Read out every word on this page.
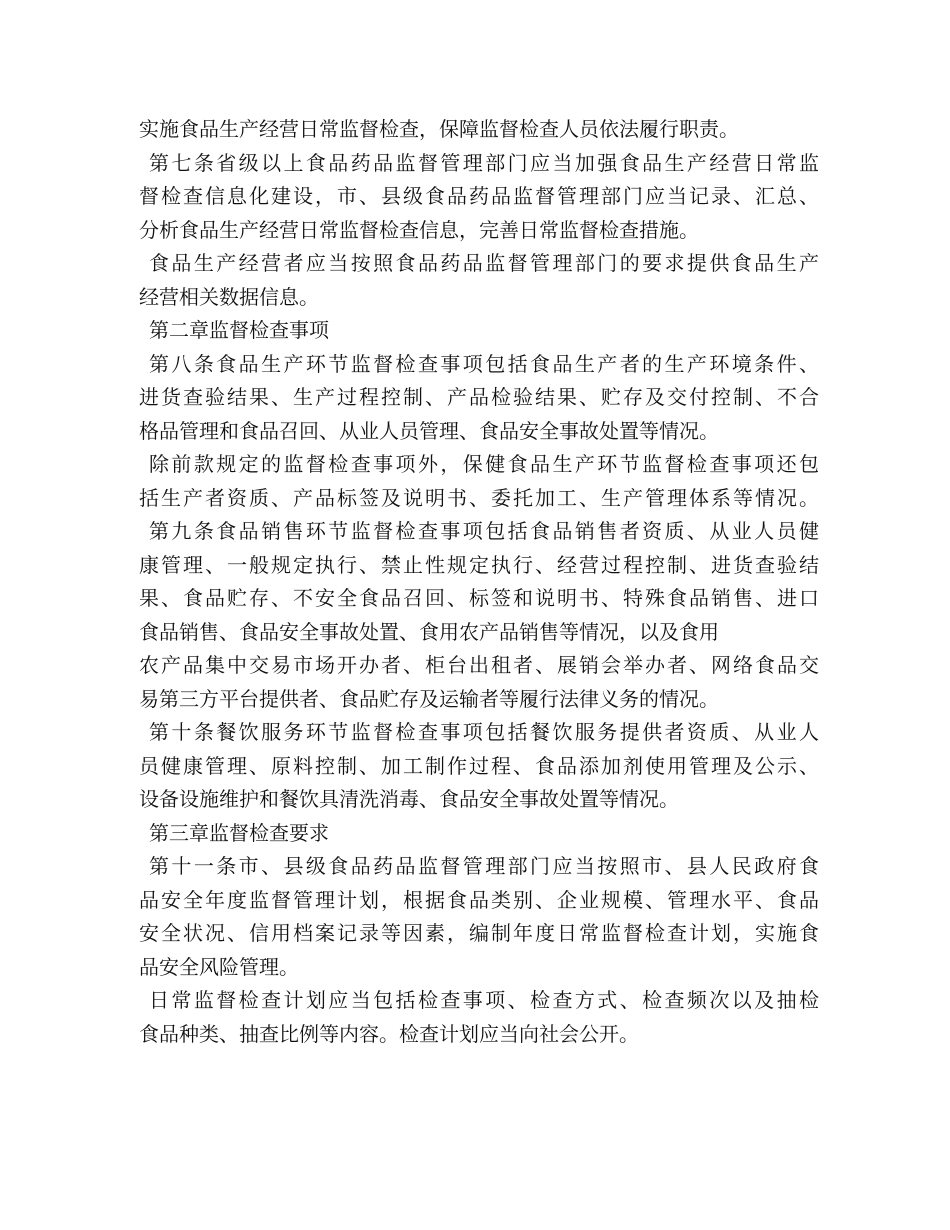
实施食品生产经营日常监督检查，保障监督检查人员依法履行职责。
第七条省级以上食品药品监督管理部门应当加强食品生产经营日常监
督检查信息化建设，市、县级食品药品监督管理部门应当记录、汇总、
分析食品生产经营日常监督检查信息，完善日常监督检查措施。
食品生产经营者应当按照食品药品监督管理部门的要求提供食品生产
经营相关数据信息。
第二章监督检查事项
第八条食品生产环节监督检查事项包括食品生产者的生产环境条件、
进货查验结果、生产过程控制、产品检验结果、贮存及交付控制、不合
格品管理和食品召回、从业人员管理、食品安全事故处置等情况。
除前款规定的监督检查事项外，保健食品生产环节监督检查事项还包
括生产者资质、产品标签及说明书、委托加工、生产管理体系等情况。
第九条食品销售环节监督检查事项包括食品销售者资质、从业人员健
康管理、一般规定执行、禁止性规定执行、经营过程控制、进货查验结
果、食品贮存、不安全食品召回、标签和说明书、特殊食品销售、进口
食品销售、食品安全事故处置、食用农产品销售等情况，以及食用
农产品集中交易市场开办者、柜台出租者、展销会举办者、网络食品交
易第三方平台提供者、食品贮存及运输者等履行法律义务的情况。
第十条餐饮服务环节监督检查事项包括餐饮服务提供者资质、从业人
员健康管理、原料控制、加工制作过程、食品添加剂使用管理及公示、
设备设施维护和餐饮具清洗消毒、食品安全事故处置等情况。
第三章监督检查要求
第十一条市、县级食品药品监督管理部门应当按照市、县人民政府食
品安全年度监督管理计划，根据食品类别、企业规模、管理水平、食品
安全状况、信用档案记录等因素，编制年度日常监督检查计划，实施食
品安全风险管理。
日常监督检查计划应当包括检查事项、检查方式、检查频次以及抽检
食品种类、抽查比例等内容。检查计划应当向社会公开。
